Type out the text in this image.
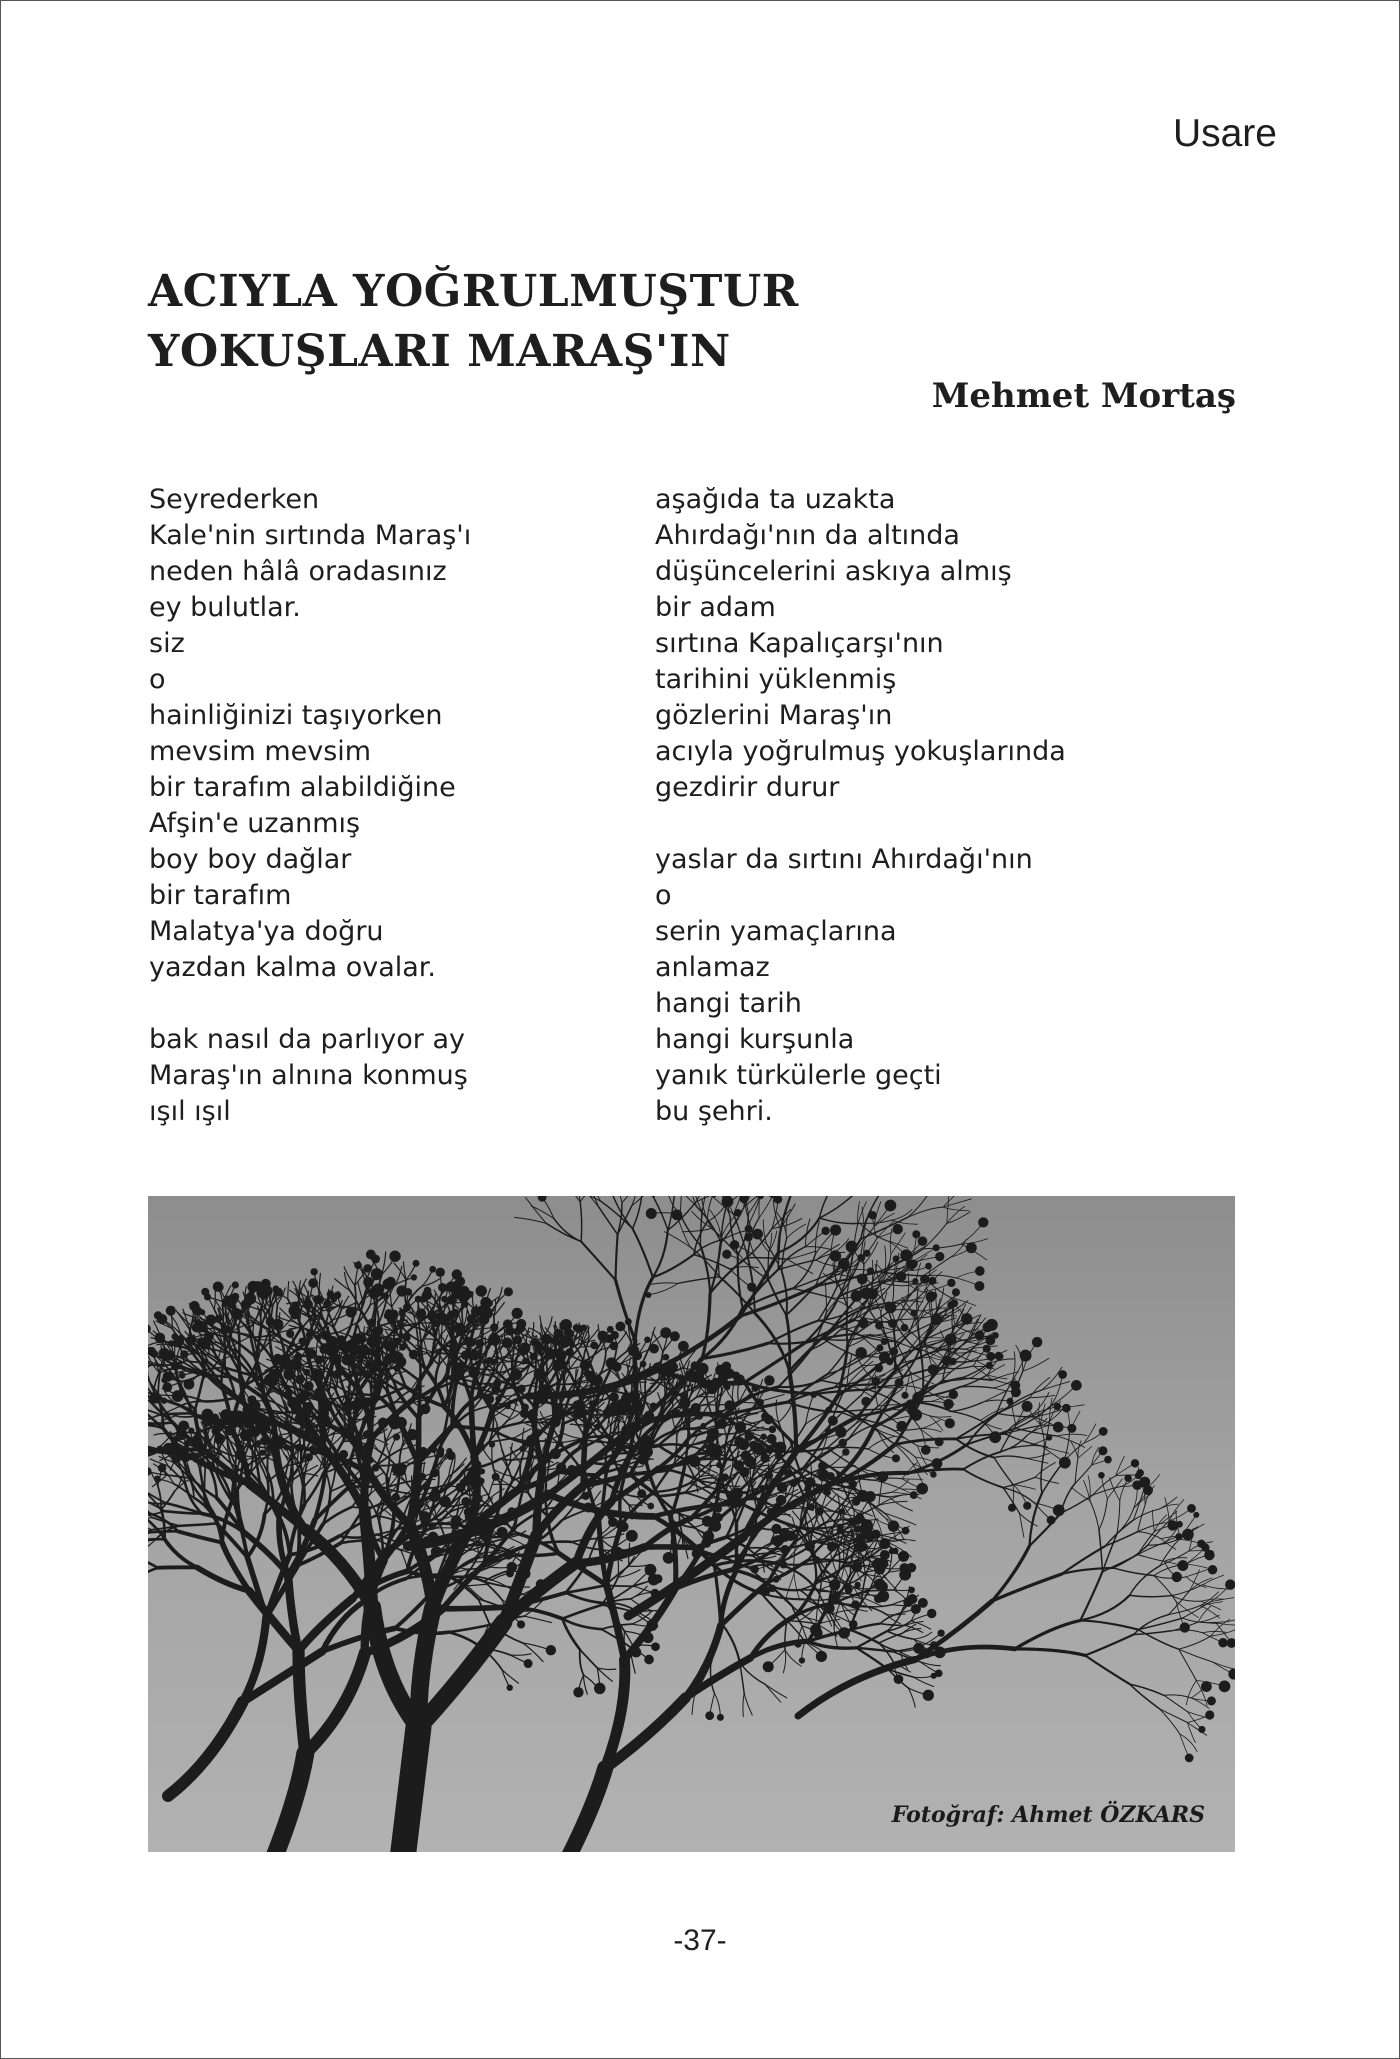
Usare
ACIYLA YOĞRULMUŞTUR
YOKUŞLARI MARAŞ'IN
Mehmet Mortaş
Seyrederken
Kale'nin sırtında Maraş'ı
neden hâlâ oradasınız
ey bulutlar.
siz
o
hainliğinizi taşıyorken
mevsim mevsim
bir tarafım alabildiğine
Afşin'e uzanmış
boy boy dağlar
bir tarafım
Malatya'ya doğru
yazdan kalma ovalar.
bak nasıl da parlıyor ay
Maraş'ın alnına konmuş
ışıl ışıl
aşağıda ta uzakta
Ahırdağı'nın da altında
düşüncelerini askıya almış
bir adam
sırtına Kapalıçarşı'nın
tarihini yüklenmiş
gözlerini Maraş'ın
acıyla yoğrulmuş yokuşlarında
gezdirir durur
yaslar da sırtını Ahırdağı'nın
o
serin yamaçlarına
anlamaz
hangi tarih
hangi kurşunla
yanık türkülerle geçti
bu şehri.
Fotoğraf: Ahmet ÖZKARS
-37-
